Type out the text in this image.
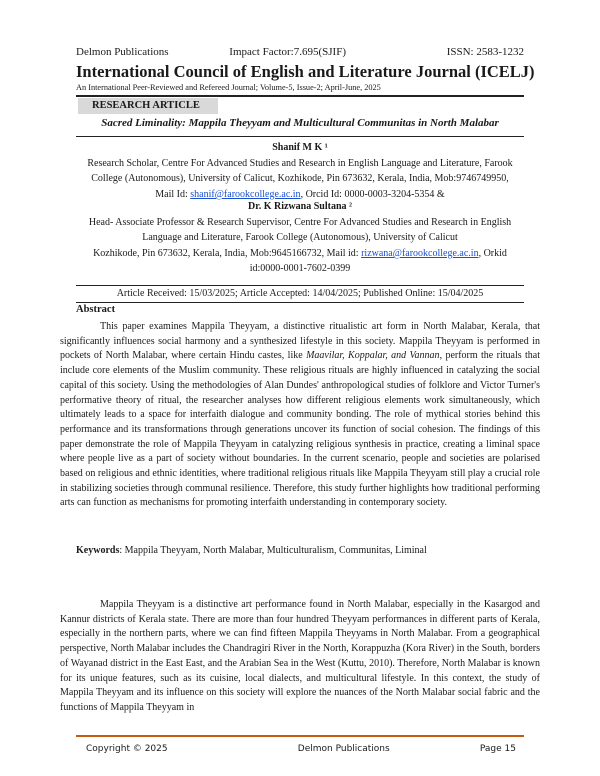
Delmon Publications	Impact Factor:7.695(SJIF)	ISSN: 2583-1232
International Council of English and Literature Journal (ICELJ)
An International Peer-Reviewed and Refereed Journal; Volume-5, Issue-2; April-June, 2025
RESEARCH ARTICLE
Sacred Liminality: Mappila Theyyam and Multicultural Communitas in North Malabar
Shanif M K ¹
Research Scholar, Centre For Advanced Studies and Research in English Language and Literature, Farook
College (Autonomous), University of Calicut, Kozhikode, Pin 673632, Kerala, India, Mob:9746749950,
Mail Id: shanif@farookcollege.ac.in, Orcid Id: 0000-0003-3204-5354 &
Dr. K Rizwana Sultana ²
Head- Associate Professor & Research Supervisor, Centre For Advanced Studies and Research in English
Language and Literature, Farook College (Autonomous), University of Calicut
Kozhikode, Pin 673632, Kerala, India, Mob:9645166732, Mail id: rizwana@farookcollege.ac.in, Orkid
id:0000-0001-7602-0399
Article Received: 15/03/2025; Article Accepted: 14/04/2025; Published Online: 15/04/2025
Abstract
This paper examines Mappila Theyyam, a distinctive ritualistic art form in North Malabar, Kerala, that significantly influences social harmony and a synthesized lifestyle in this society. Mappila Theyyam is performed in pockets of North Malabar, where certain Hindu castes, like Maavilar, Koppalar, and Vannan, perform the rituals that include core elements of the Muslim community. These religious rituals are highly influenced in catalyzing the social capital of this society. Using the methodologies of Alan Dundes' anthropological studies of folklore and Victor Turner's performative theory of ritual, the researcher analyses how different religious elements work simultaneously, which ultimately leads to a space for interfaith dialogue and community bonding. The role of mythical stories behind this performance and its transformations through generations uncover its function of social cohesion. The findings of this paper demonstrate the role of Mappila Theyyam in catalyzing religious synthesis in practice, creating a liminal space where people live as a part of society without boundaries. In the current scenario, people and societies are polarised based on religious and ethnic identities, where traditional religious rituals like Mappila Theyyam still play a crucial role in stabilizing societies through communal resilience. Therefore, this study further highlights how traditional performing arts can function as mechanisms for promoting interfaith understanding in contemporary society.
Keywords: Mappila Theyyam, North Malabar, Multiculturalism, Communitas, Liminal
Mappila Theyyam is a distinctive art performance found in North Malabar, especially in the Kasargod and Kannur districts of Kerala state. There are more than four hundred Theyyam performances in different parts of Kerala, especially in the northern parts, where we can find fifteen Mappila Theyyams in North Malabar. From a geographical perspective, North Malabar includes the Chandragiri River in the North, Korappuzha (Kora River) in the South, borders of Wayanad district in the East East, and the Arabian Sea in the West (Kuttu, 2010). Therefore, North Malabar is known for its unique features, such as its cuisine, local dialects, and multicultural lifestyle. In this context, the study of Mappila Theyyam and its influence on this society will explore the nuances of the North Malabar social fabric and the functions of Mappila Theyyam in
Copyright © 2025	Delmon Publications	Page 15
